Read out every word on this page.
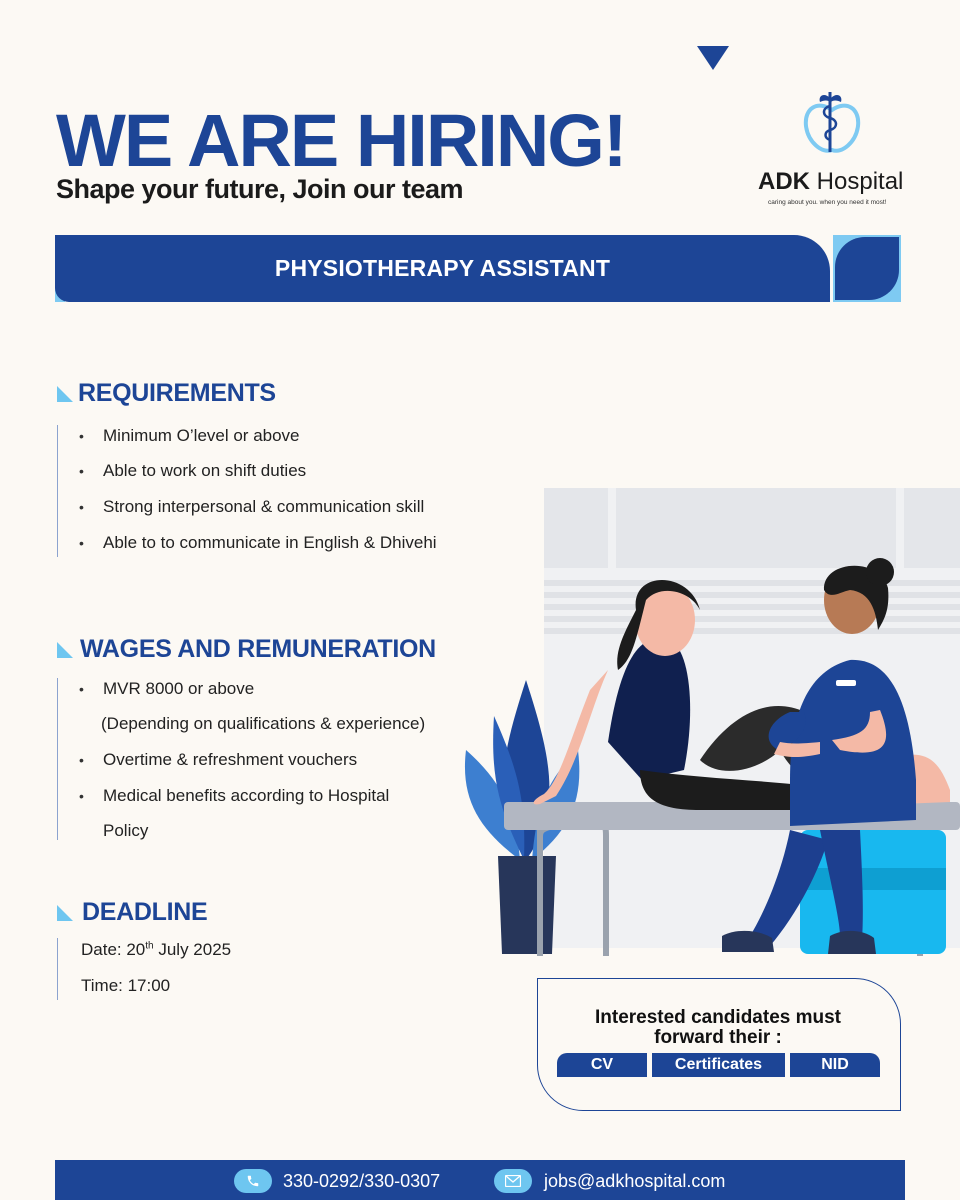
WE ARE HIRING!
Shape your future, Join our team	ADK Hospital
caring about you. when you need it most!
PHYSIOTHERAPY ASSISTANT
REQUIREMENTS
• Minimum O’level or above
• Able to work on shift duties
• Strong interpersonal & communication skill
• Able to to communicate in English & Dhivehi
WAGES AND REMUNERATION
• MVR 8000 or above
(Depending on qualifications & experience)
• Overtime & refreshment vouchers
• Medical benefits according to Hospital
Policy
DEADLINE
Date: 20th July 2025
Time: 17:00
Interested candidates must
forward their :
CV	Certificates	NID
330-0292/330-0307	jobs@adkhospital.com
